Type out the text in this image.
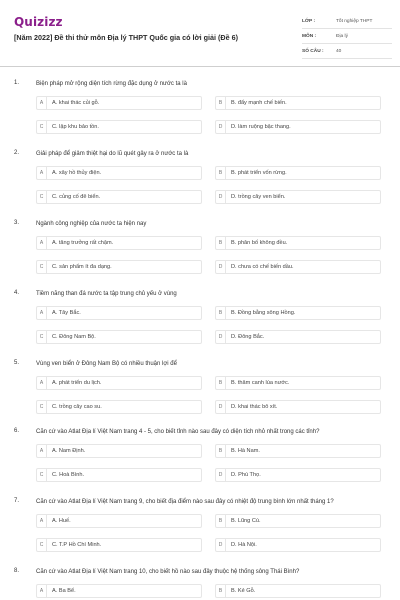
Quizizz
[Năm 2022] Đề thi thử môn Địa lý THPT Quốc gia có lời giải (Đề 6)
LỚP :	Tốt nghiệp THPT
MÔN :	Địa lý
SỐ CÂU :	40
1.	Biện pháp mở rộng diện tích rừng đặc dụng ở nước ta là
A	A. khai thác củi gỗ.	B	B. đẩy mạnh chế biến.
C	C. lập khu bảo tồn.	D	D. làm ruộng bậc thang.
2.	Giải pháp để giảm thiệt hại do lũ quét gây ra ở nước ta là
A	A. xây hồ thủy điện.	B	B. phát triển vốn rừng.
C	C. củng cố đê biển.	D	D. trồng cây ven biển.
3.	Ngành công nghiệp của nước ta hiện nay
A	A. tăng trưởng rất chậm.	B	B. phân bố không đều.
C	C. sản phẩm ít đa dạng.	D	D. chưa có chế biến dầu.
4.	Tiềm năng than đá nước ta tập trung chủ yếu ở vùng
A	A. Tây Bắc.	B	B. Đồng bằng sông Hồng.
C	C. Đông Nam Bộ.	D	D. Đông Bắc.
5.	Vùng ven biển ở Đông Nam Bộ có nhiều thuận lợi để
A	A. phát triển du lịch.	B	B. thâm canh lúa nước.
C	C. trồng cây cao su.	D	D. khai thác bô xít.
6.	Căn cứ vào Atlat Địa lí Việt Nam trang 4 - 5, cho biết tỉnh nào sau đây có diện tích nhỏ nhất trong các tỉnh?
A	A. Nam Định.	B	B. Hà Nam.
C	C. Hoà Bình.	D	D. Phú Thọ.
7.	Căn cứ vào Atlat Địa lí Việt Nam trang 9, cho biết địa điểm nào sau đây có nhiệt độ trung bình lớn nhất tháng 1?
A	A. Huế.	B	B. Lũng Cú.
C	C. T.P Hồ Chí Minh.	D	D. Hà Nội.
8.	Căn cứ vào Atlat Địa lí Việt Nam trang 10, cho biết hồ nào sau đây thuộc hệ thống sông Thái Bình?
A	A. Ba Bể.	B	B. Kẻ Gỗ.
